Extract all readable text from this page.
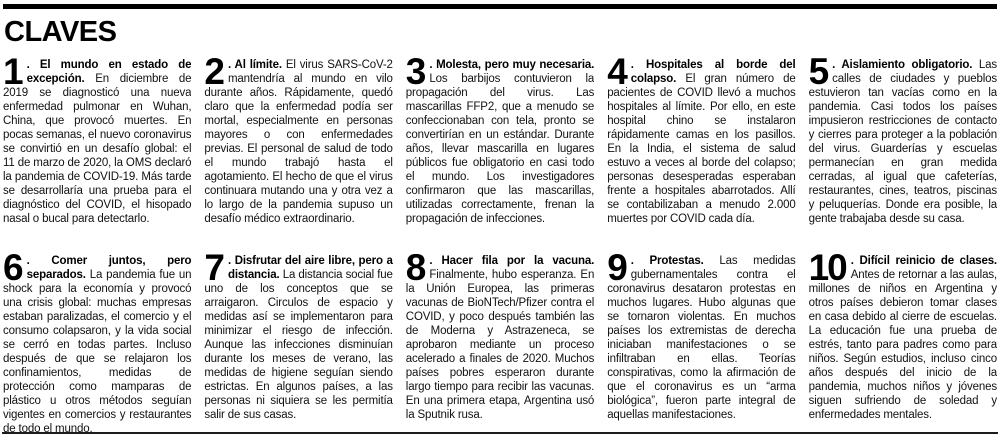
CLAVES
1 . El mundo en estado de excepción. En diciembre de 2019 se diagnosticó una nueva enfermedad pulmonar en Wuhan, China, que provocó muertes. En pocas semanas, el nuevo coronavirus se convirtió en un desafío global: el 11 de marzo de 2020, la OMS declaró la pandemia de COVID-19. Más tarde se desarrollaría una prueba para el diagnóstico del COVID, el hisopado nasal o bucal para detectarlo.

2 . Al límite. El virus SARS-CoV-2 mantendría al mundo en vilo durante años. Rápidamente, quedó claro que la enfermedad podía ser mortal, especialmente en personas mayores o con enfermedades previas. El personal de salud de todo el mundo trabajó hasta el agotamiento. El hecho de que el virus continuara mutando una y otra vez a lo largo de la pandemia supuso un desafío médico extraordinario.

3 . Molesta, pero muy necesaria. Los barbijos contuvieron la propagación del virus. Las mascarillas FFP2, que a menudo se confeccionaban con tela, pronto se convertirían en un estándar. Durante años, llevar mascarilla en lugares públicos fue obligatorio en casi todo el mundo. Los investigadores confirmaron que las mascarillas, utilizadas correctamente, frenan la propagación de infecciones.

4 . Hospitales al borde del colapso. El gran número de pacientes de COVID llevó a muchos hospitales al límite. Por ello, en este hospital chino se instalaron rápidamente camas en los pasillos. En la India, el sistema de salud estuvo a veces al borde del colapso; personas desesperadas esperaban frente a hospitales abarrotados. Allí se contabilizaban a menudo 2.000 muertes por COVID cada día.

5 . Aislamiento obligatorio. Las calles de ciudades y pueblos estuvieron tan vacías como en la pandemia. Casi todos los países impusieron restricciones de contacto y cierres para proteger a la población del virus. Guarderías y escuelas permanecían en gran medida cerradas, al igual que cafeterías, restaurantes, cines, teatros, piscinas y peluquerías. Donde era posible, la gente trabajaba desde su casa.

6 . Comer juntos, pero separados. La pandemia fue un shock para la economía y provocó una crisis global: muchas empresas estaban paralizadas, el comercio y el consumo colapsaron, y la vida social se cerró en todas partes. Incluso después de que se relajaron los confinamientos, medidas de protección como mamparas de plástico u otros métodos seguían vigentes en comercios y restaurantes de todo el mundo.

7 . Disfrutar del aire libre, pero a distancia. La distancia social fue uno de los conceptos que se arraigaron. Circulos de espacio y medidas así se implementaron para minimizar el riesgo de infección. Aunque las infecciones disminuían durante los meses de verano, las medidas de higiene seguían siendo estrictas. En algunos países, a las personas ni siquiera se les permitía salir de sus casas.

8 . Hacer fila por la vacuna. Finalmente, hubo esperanza. En la Unión Europea, las primeras vacunas de BioNTech/Pfizer contra el COVID, y poco después también las de Moderna y Astrazeneca, se aprobaron mediante un proceso acelerado a finales de 2020. Muchos países pobres esperaron durante largo tiempo para recibir las vacunas. En una primera etapa, Argentina usó la Sputnik rusa.

9 . Protestas. Las medidas gubernamentales contra el coronavirus desataron protestas en muchos lugares. Hubo algunas que se tornaron violentas. En muchos países los extremistas de derecha iniciaban manifestaciones o se infiltraban en ellas. Teorías conspirativas, como la afirmación de que el coronavirus es un “arma biológica”, fueron parte integral de aquellas manifestaciones.

10 . Difícil reinicio de clases. Antes de retornar a las aulas, millones de niños en Argentina y otros países debieron tomar clases en casa debido al cierre de escuelas. La educación fue una prueba de estrés, tanto para padres como para niños. Según estudios, incluso cinco años después del inicio de la pandemia, muchos niños y jóvenes siguen sufriendo de soledad y enfermedades mentales.
